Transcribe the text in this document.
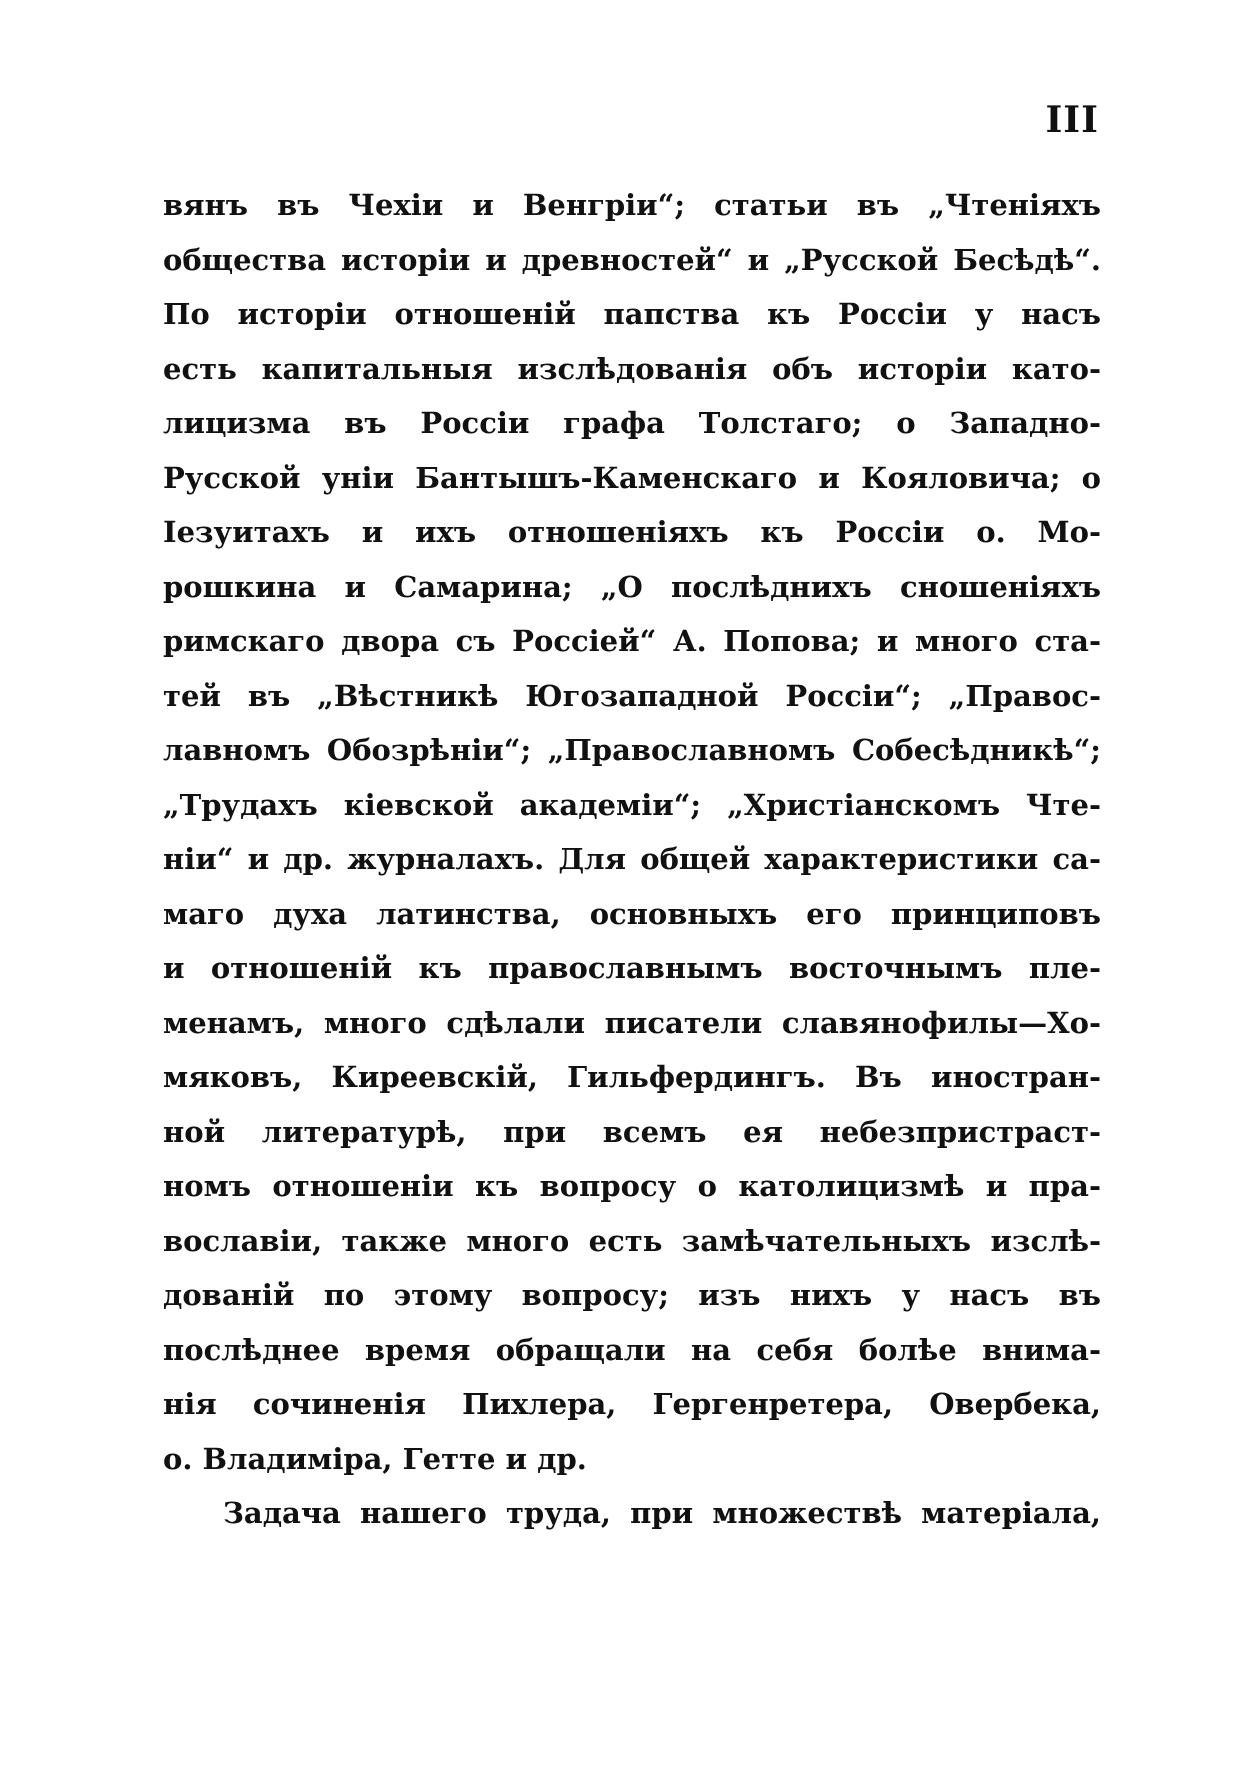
III
вянъ въ Чехіи и Венгріи“; статьи въ „Чтеніяхъ
общества исторіи и древностей“ и „Русской Бесѣдѣ“.
По исторіи отношеній папства къ Россіи у насъ
есть капитальныя изслѣдованія объ исторіи като-
лицизма въ Россіи графа Толстаго; о Западно-
Русской уніи Бантышъ-Каменскаго и Кояловича; о
Іезуитахъ и ихъ отношеніяхъ къ Россіи о. Мо-
рошкина и Самарина; „О послѣднихъ сношеніяхъ
римскаго двора съ Россіей“ А. Попова; и много ста-
тей въ „Вѣстникѣ Югозападной Россіи“; „Правос-
лавномъ Обозрѣніи“; „Православномъ Собесѣдникѣ“;
„Трудахъ кіевской академіи“; „Христіанскомъ Чте-
ніи“ и др. журналахъ. Для общей характеристики са-
маго духа латинства, основныхъ его принциповъ
и отношеній къ православнымъ восточнымъ пле-
менамъ, много сдѣлали писатели славянофилы—Хо-
мяковъ, Киреевскій, Гильфердингъ. Въ иностран-
ной литературѣ, при всемъ ея небезпристраст-
номъ отношеніи къ вопросу о католицизмѣ и пра-
вославіи, также много есть замѣчательныхъ изслѣ-
дованій по этому вопросу; изъ нихъ у насъ въ
послѣднее время обращали на себя болѣе внима-
нія сочиненія Пихлера, Гергенретера, Овербека,
о. Владиміра, Гетте и др.
Задача нашего труда, при множествѣ матеріала,
